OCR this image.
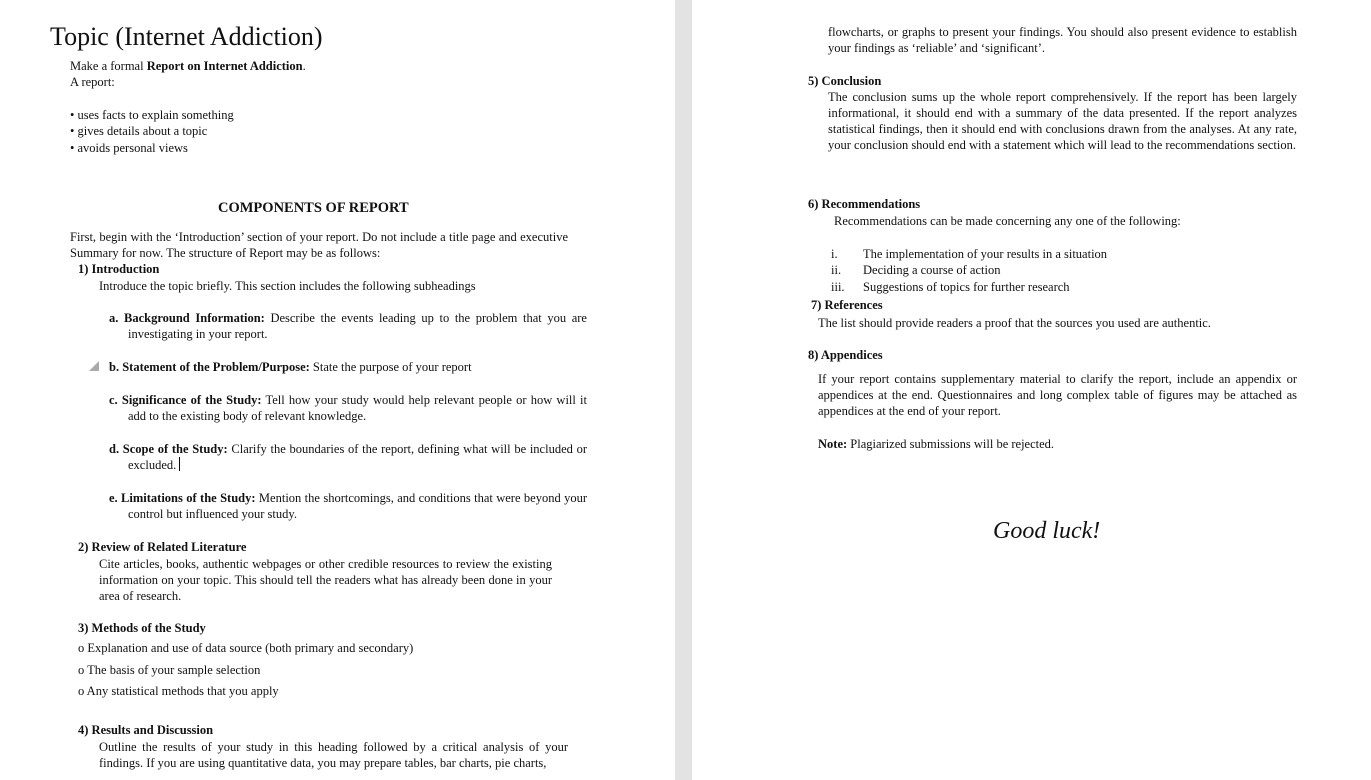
Topic (Internet Addiction)
Make a formal Report on Internet Addiction.
A report:
• uses facts to explain something
• gives details about a topic
• avoids personal views
COMPONENTS OF REPORT
First, begin with the ‘Introduction’ section of your report. Do not include a title page and executive Summary for now. The structure of Report may be as follows:
1) Introduction
Introduce the topic briefly. This section includes the following subheadings
a. Background Information: Describe the events leading up to the problem that you are investigating in your report.
b. Statement of the Problem/Purpose: State the purpose of your report
c. Significance of the Study: Tell how your study would help relevant people or how will it add to the existing body of relevant knowledge.
d. Scope of the Study: Clarify the boundaries of the report, defining what will be included or excluded.
e. Limitations of the Study: Mention the shortcomings, and conditions that were beyond your control but influenced your study.
2) Review of Related Literature
Cite articles, books, authentic webpages or other credible resources to review the existing information on your topic. This should tell the readers what has already been done in your area of research.
3) Methods of the Study
o Explanation and use of data source (both primary and secondary)
o The basis of your sample selection
o Any statistical methods that you apply
4) Results and Discussion
Outline the results of your study in this heading followed by a critical analysis of your findings. If you are using quantitative data, you may prepare tables, bar charts, pie charts,
flowcharts, or graphs to present your findings. You should also present evidence to establish your findings as ‘reliable’ and ‘significant’.
5) Conclusion
The conclusion sums up the whole report comprehensively. If the report has been largely informational, it should end with a summary of the data presented. If the report analyzes statistical findings, then it should end with conclusions drawn from the analyses. At any rate, your conclusion should end with a statement which will lead to the recommendations section.
6) Recommendations
Recommendations can be made concerning any one of the following:
i. The implementation of your results in a situation
ii. Deciding a course of action
iii. Suggestions of topics for further research
7) References
The list should provide readers a proof that the sources you used are authentic.
8) Appendices
If your report contains supplementary material to clarify the report, include an appendix or appendices at the end. Questionnaires and long complex table of figures may be attached as appendices at the end of your report.
Note: Plagiarized submissions will be rejected.
Good luck!
